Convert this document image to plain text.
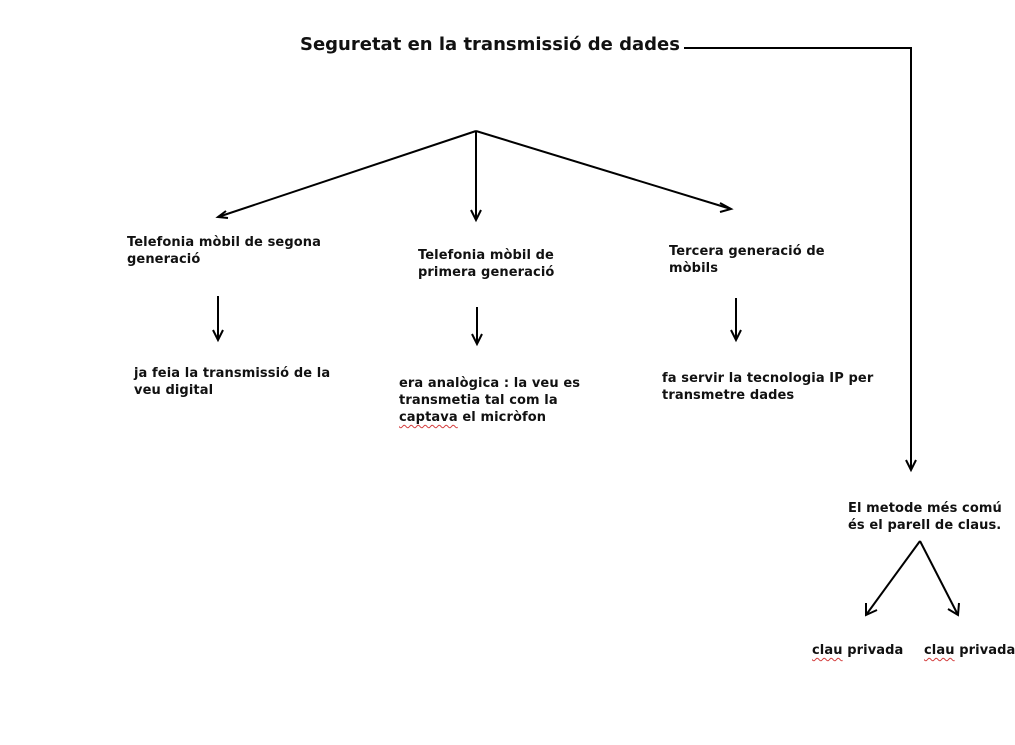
Seguretat en la transmissió de dades
Telefonia mòbil de segona
generació	Telefonia mòbil de
primera generació
Tercera generació de
mòbils
ja feia la transmissió de la
veu digital	era analògica : la veu es
transmetia tal com la
captava el micròfon
fa servir la tecnologia IP per
transmetre dades
El metode més comú
és el parell de claus.
clau privada clau privada
